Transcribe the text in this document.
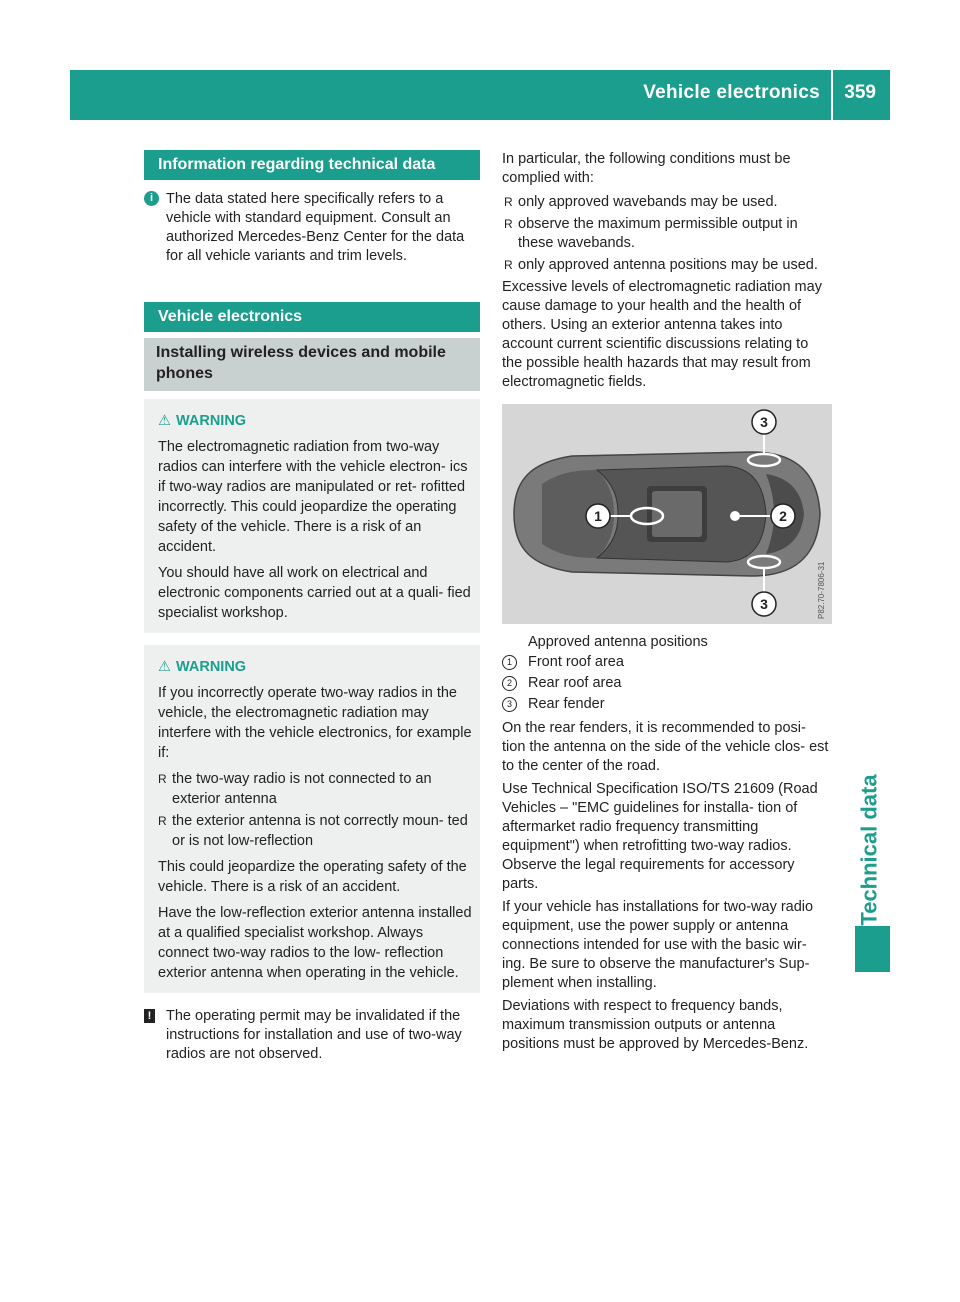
Vehicle electronics 359
Technical data
Information regarding technical data
i The data stated here specifically refers to a vehicle with standard equipment. Consult an authorized Mercedes-Benz Center for the data for all vehicle variants and trim levels.
Vehicle electronics
Installing wireless devices and mobile phones
⚠ WARNING

The electromagnetic radiation from two-way radios can interfere with the vehicle electron- ics if two-way radios are manipulated or ret- rofitted incorrectly. This could jeopardize the operating safety of the vehicle. There is a risk of an accident.

You should have all work on electrical and electronic components carried out at a quali- fied specialist workshop.

⚠ WARNING

If you incorrectly operate two-way radios in the vehicle, the electromagnetic radiation may interfere with the vehicle electronics, for example if:

R the two-way radio is not connected to an exterior antenna
R the exterior antenna is not correctly moun- ted or is not low-reflection

This could jeopardize the operating safety of the vehicle. There is a risk of an accident.

Have the low-reflection exterior antenna installed at a qualified specialist workshop. Always connect two-way radios to the low- reflection exterior antenna when operating in the vehicle.

! The operating permit may be invalidated if the instructions for installation and use of two-way radios are not observed.

In particular, the following conditions must be complied with:

R only approved wavebands may be used.
R observe the maximum permissible output in these wavebands.
R only approved antenna positions may be used.

Excessive levels of electromagnetic radiation may cause damage to your health and the health of others. Using an exterior antenna takes into account current scientific discussions relating to the possible health hazards that may result from electromagnetic fields.

1	2
3
3	P82.70-7806-31
Approved antenna positions
1	Front roof area
2	Rear roof area
3	Rear fender

On the rear fenders, it is recommended to posi- tion the antenna on the side of the vehicle clos- est to the center of the road.

Use Technical Specification ISO/TS 21609 (Road Vehicles – "EMC guidelines for installa- tion of aftermarket radio frequency transmitting equipment") when retrofitting two-way radios. Observe the legal requirements for accessory parts.

If your vehicle has installations for two-way radio equipment, use the power supply or antenna connections intended for use with the basic wir- ing. Be sure to observe the manufacturer's Sup- plement when installing.

Deviations with respect to frequency bands, maximum transmission outputs or antenna positions must be approved by Mercedes-Benz.
